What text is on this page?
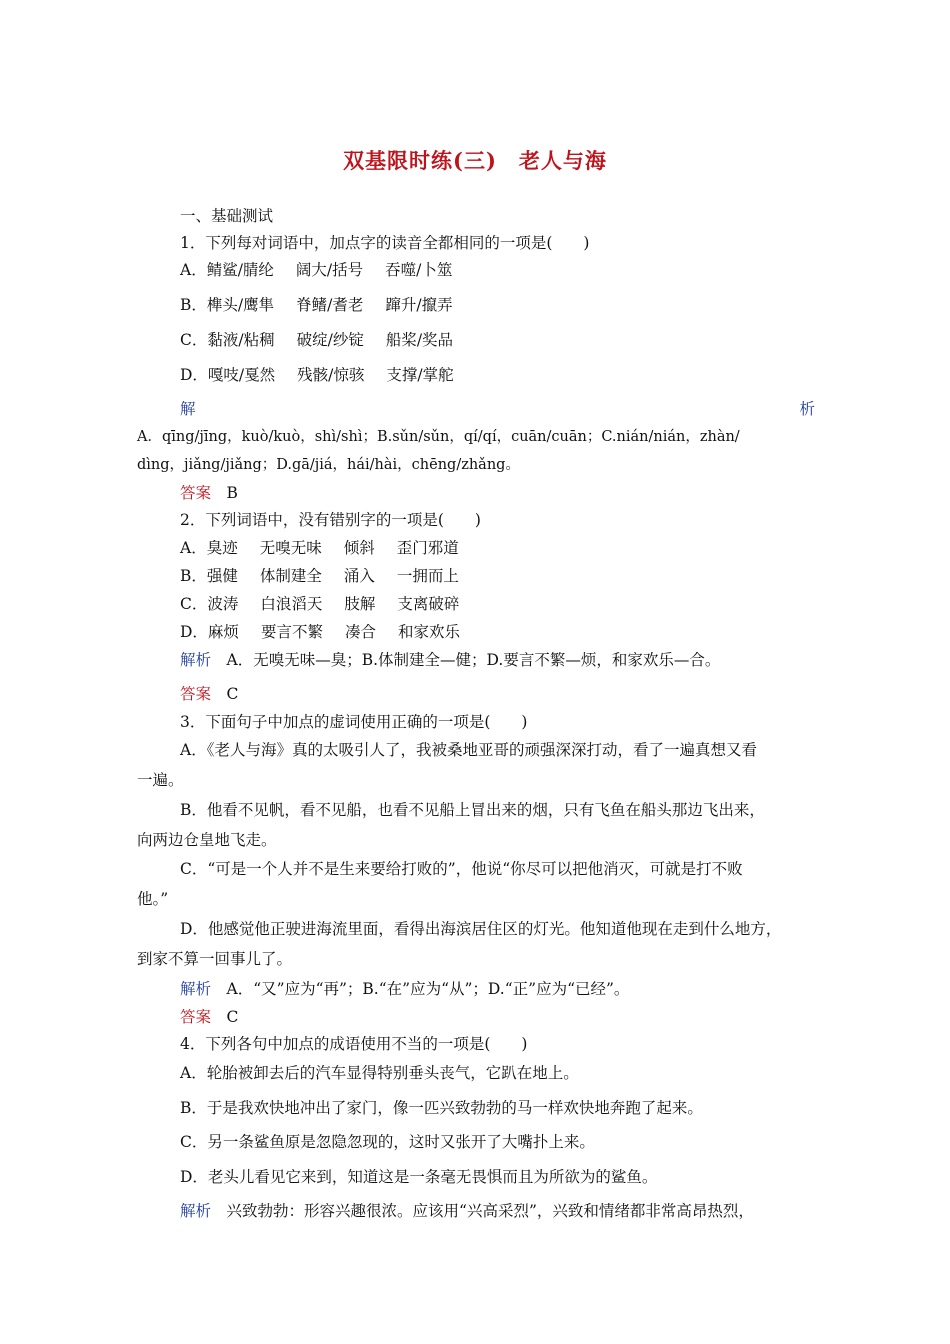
双基限时练(三)　老人与海
一、基础测试
1．下列每对词语中，加点字的读音全都相同的一项是(　　)
A．鲭鲨/腈纶 阔大/括号 吞噬/卜筮
B．榫头/鹰隼 脊鳍/耆老 蹿升/攛弄
C．黏液/粘稠 破绽/纱锭 船桨/奖品
D．嘎吱/戛然 残骸/惊骇 支撑/掌舵
解	析
A．qīng/jīng，kuò/kuò，shì/shì；B.sǔn/sǔn，qí/qí，cuān/cuān；C.nián/nián，zhàn/
dìng，jiǎng/jiǎng；D.gā/jiá，hái/hài，chēng/zhǎng。
答案　 B
2．下列词语中，没有错别字的一项是(　　)
A．臭迹 无嗅无味 倾斜 歪门邪道
B．强健 体制建全 涌入 一拥而上
C．波涛 白浪滔天 肢解 支离破碎
D．麻烦 要言不繁 凑合 和家欢乐
解析　 A．无嗅无味—臭；B.体制建全—健；D.要言不繁—烦，和家欢乐—合。
答案　 C
3．下面句子中加点的虚词使用正确的一项是(　　)
A．《老人与海》真的太吸引人了，我被桑地亚哥的顽强深深打动，看了一遍真想又看
一遍。
B．他看不见帆，看不见船，也看不见船上冒出来的烟，只有飞鱼在船头那边飞出来，
向两边仓皇地飞走。
C．“可是一个人并不是生来要给打败的”，他说“你尽可以把他消灭，可就是打不败
他。”
D．他感觉他正驶进海流里面，看得出海滨居住区的灯光。他知道他现在走到什么地方，
到家不算一回事儿了。
解析　 A．“又”应为“再”；B.“在”应为“从”；D.“正”应为“已经”。
答案　 C
4．下列各句中加点的成语使用不当的一项是(　　)
A．轮胎被卸去后的汽车显得特别垂头丧气，它趴在地上。
B．于是我欢快地冲出了家门，像一匹兴致勃勃的马一样欢快地奔跑了起来。
C．另一条鲨鱼原是忽隐忽现的，这时又张开了大嘴扑上来。
D．老头儿看见它来到，知道这是一条毫无畏惧而且为所欲为的鲨鱼。
解析　 兴致勃勃：形容兴趣很浓。应该用“兴高采烈”，兴致和情绪都非常高昂热烈，
